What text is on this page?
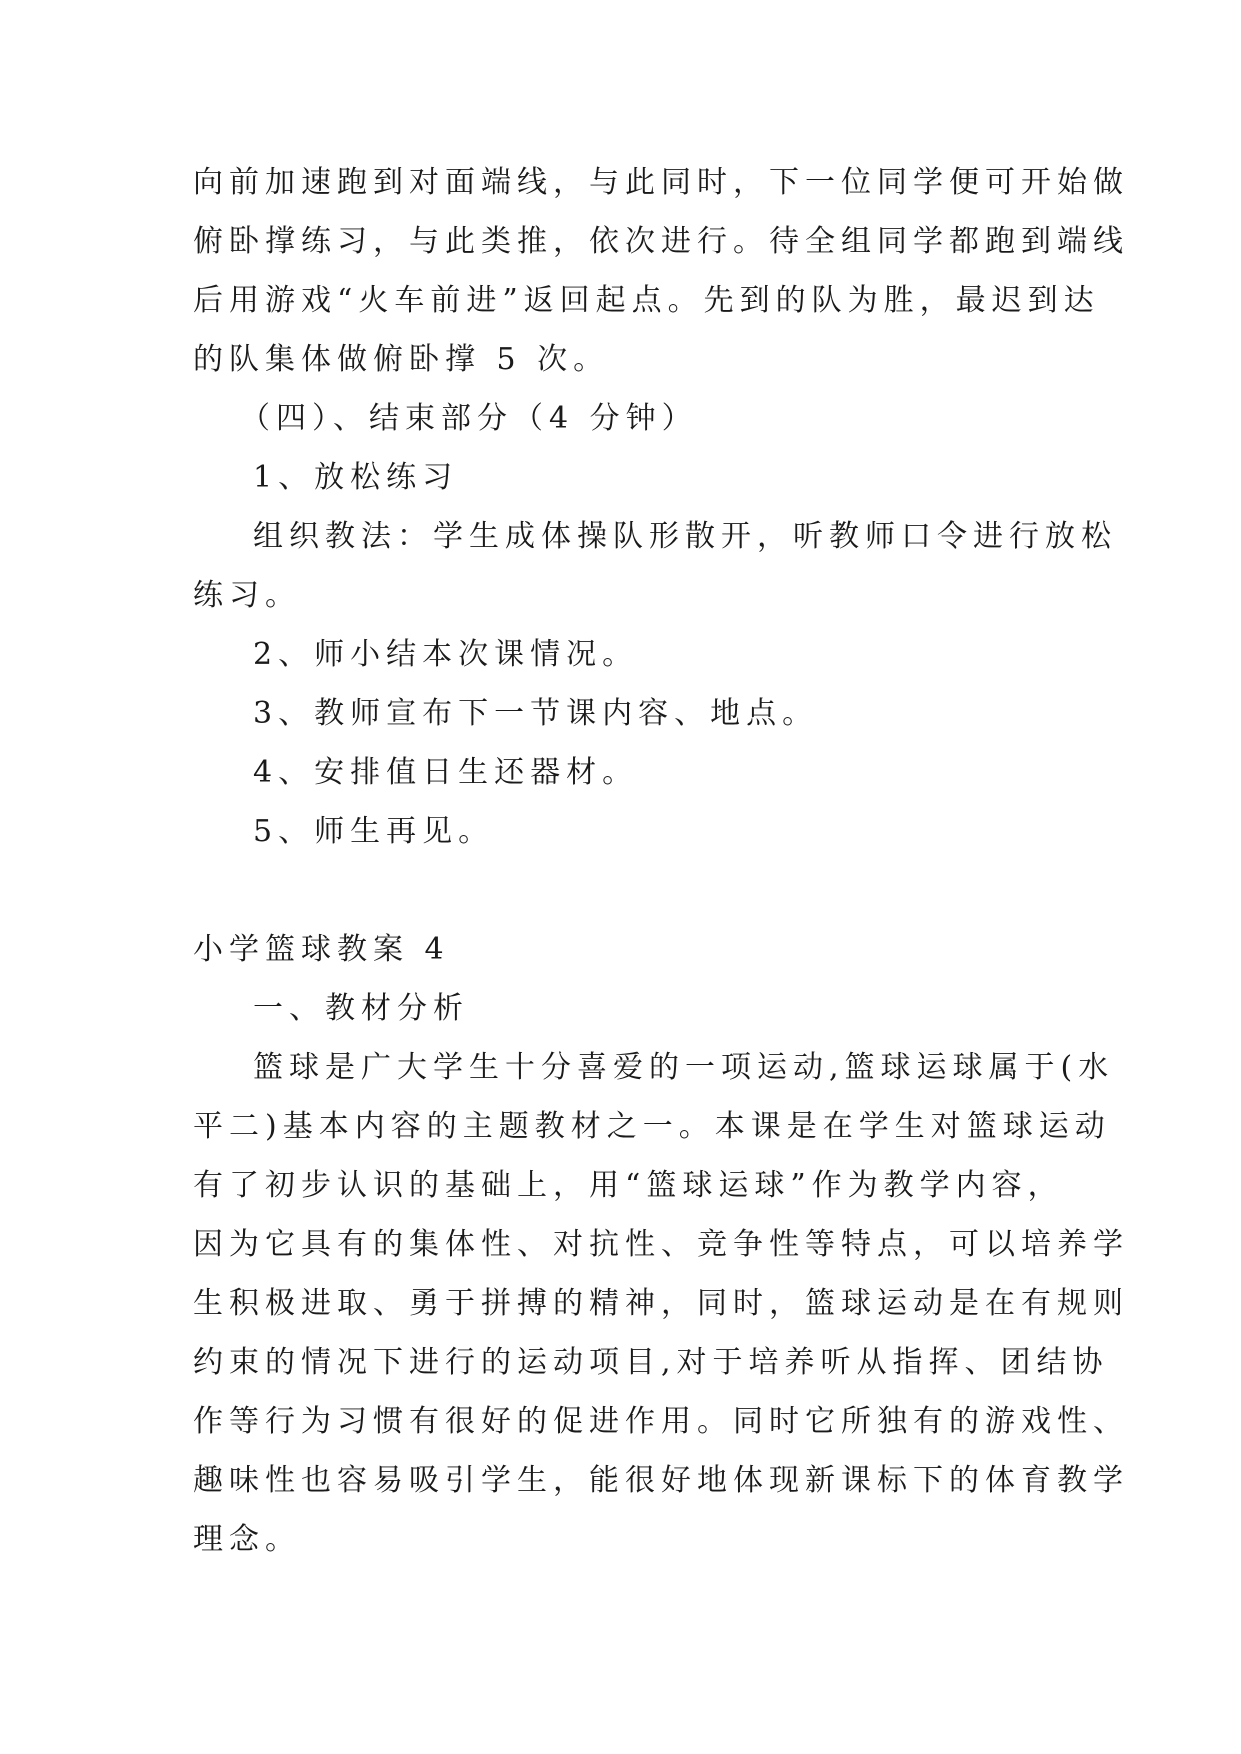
向前加速跑到对面端线，与此同时，下一位同学便可开始做
俯卧撑练习，与此类推，依次进行。待全组同学都跑到端线
后用游戏“火车前进”返回起点。先到的队为胜，最迟到达
的队集体做俯卧撑 5 次。
（四）、结束部分（4 分钟）
1、放松练习
组织教法：学生成体操队形散开，听教师口令进行放松
练习。
2、师小结本次课情况。
3、教师宣布下一节课内容、地点。
4、安排值日生还器材。
5、师生再见。
小学篮球教案 4
一、教材分析
篮球是广大学生十分喜爱的一项运动,篮球运球属于(水
平二)基本内容的主题教材之一。本课是在学生对篮球运动
有了初步认识的基础上，用“篮球运球”作为教学内容，
因为它具有的集体性、对抗性、竞争性等特点，可以培养学
生积极进取、勇于拼搏的精神，同时，篮球运动是在有规则
约束的情况下进行的运动项目,对于培养听从指挥、团结协
作等行为习惯有很好的促进作用。同时它所独有的游戏性、
趣味性也容易吸引学生，能很好地体现新课标下的体育教学
理念。
